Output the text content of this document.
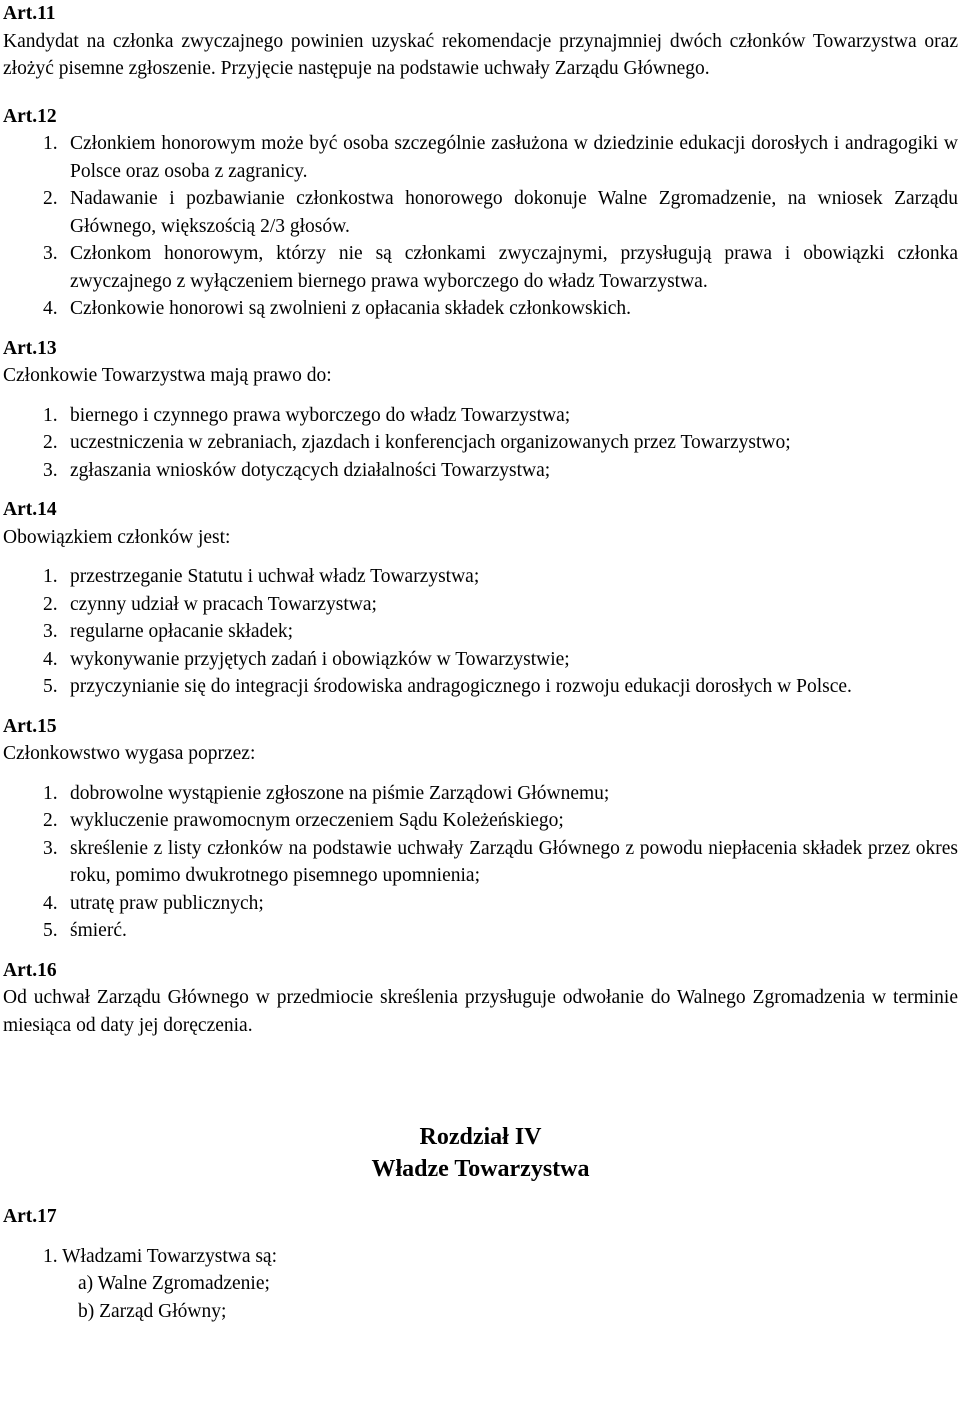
Art.11

Kandydat na członka zwyczajnego powinien uzyskać rekomendacje przynajmniej dwóch członków Towarzystwa oraz złożyć pisemne zgłoszenie. Przyjęcie następuje na podstawie uchwały Zarządu Głównego.

Art.12
1. Członkiem honorowym może być osoba szczególnie zasłużona w dziedzinie edukacji dorosłych i andragogiki w Polsce oraz osoba z zagranicy.
2. Nadawanie i pozbawianie członkostwa honorowego dokonuje Walne Zgromadzenie, na wniosek Zarządu Głównego, większością 2/3 głosów.
3. Członkom honorowym, którzy nie są członkami zwyczajnymi, przysługują prawa i obowiązki członka zwyczajnego z wyłączeniem biernego prawa wyborczego do władz Towarzystwa.
4. Członkowie honorowi są zwolnieni z opłacania składek członkowskich.
Art.13

Członkowie Towarzystwa mają prawo do:

1. biernego i czynnego prawa wyborczego do władz Towarzystwa;
2. uczestniczenia w zebraniach, zjazdach i konferencjach organizowanych przez Towarzystwo;
3. zgłaszania wniosków dotyczących działalności Towarzystwa;
Art.14

Obowiązkiem członków jest:

1. przestrzeganie Statutu i uchwał władz Towarzystwa;
2. czynny udział w pracach Towarzystwa;
3. regularne opłacanie składek;
4. wykonywanie przyjętych zadań i obowiązków w Towarzystwie;
5. przyczynianie się do integracji środowiska andragogicznego i rozwoju edukacji dorosłych w Polsce.
Art.15

Członkowstwo wygasa poprzez:

1. dobrowolne wystąpienie zgłoszone na piśmie Zarządowi Głównemu;
2. wykluczenie prawomocnym orzeczeniem Sądu Koleżeńskiego;
3. skreślenie z listy członków na podstawie uchwały Zarządu Głównego z powodu niepłacenia składek przez okres roku, pomimo dwukrotnego pisemnego upomnienia;
4. utratę praw publicznych;
5. śmierć.
Art.16

Od uchwał Zarządu Głównego w przedmiocie skreślenia przysługuje odwołanie do Walnego Zgromadzenia w terminie miesiąca od daty jej doręczenia.

Rozdział IV
Władze Towarzystwa
Art.17
1. Władzami Towarzystwa są:
a) Walne Zgromadzenie;
b) Zarząd Główny;
